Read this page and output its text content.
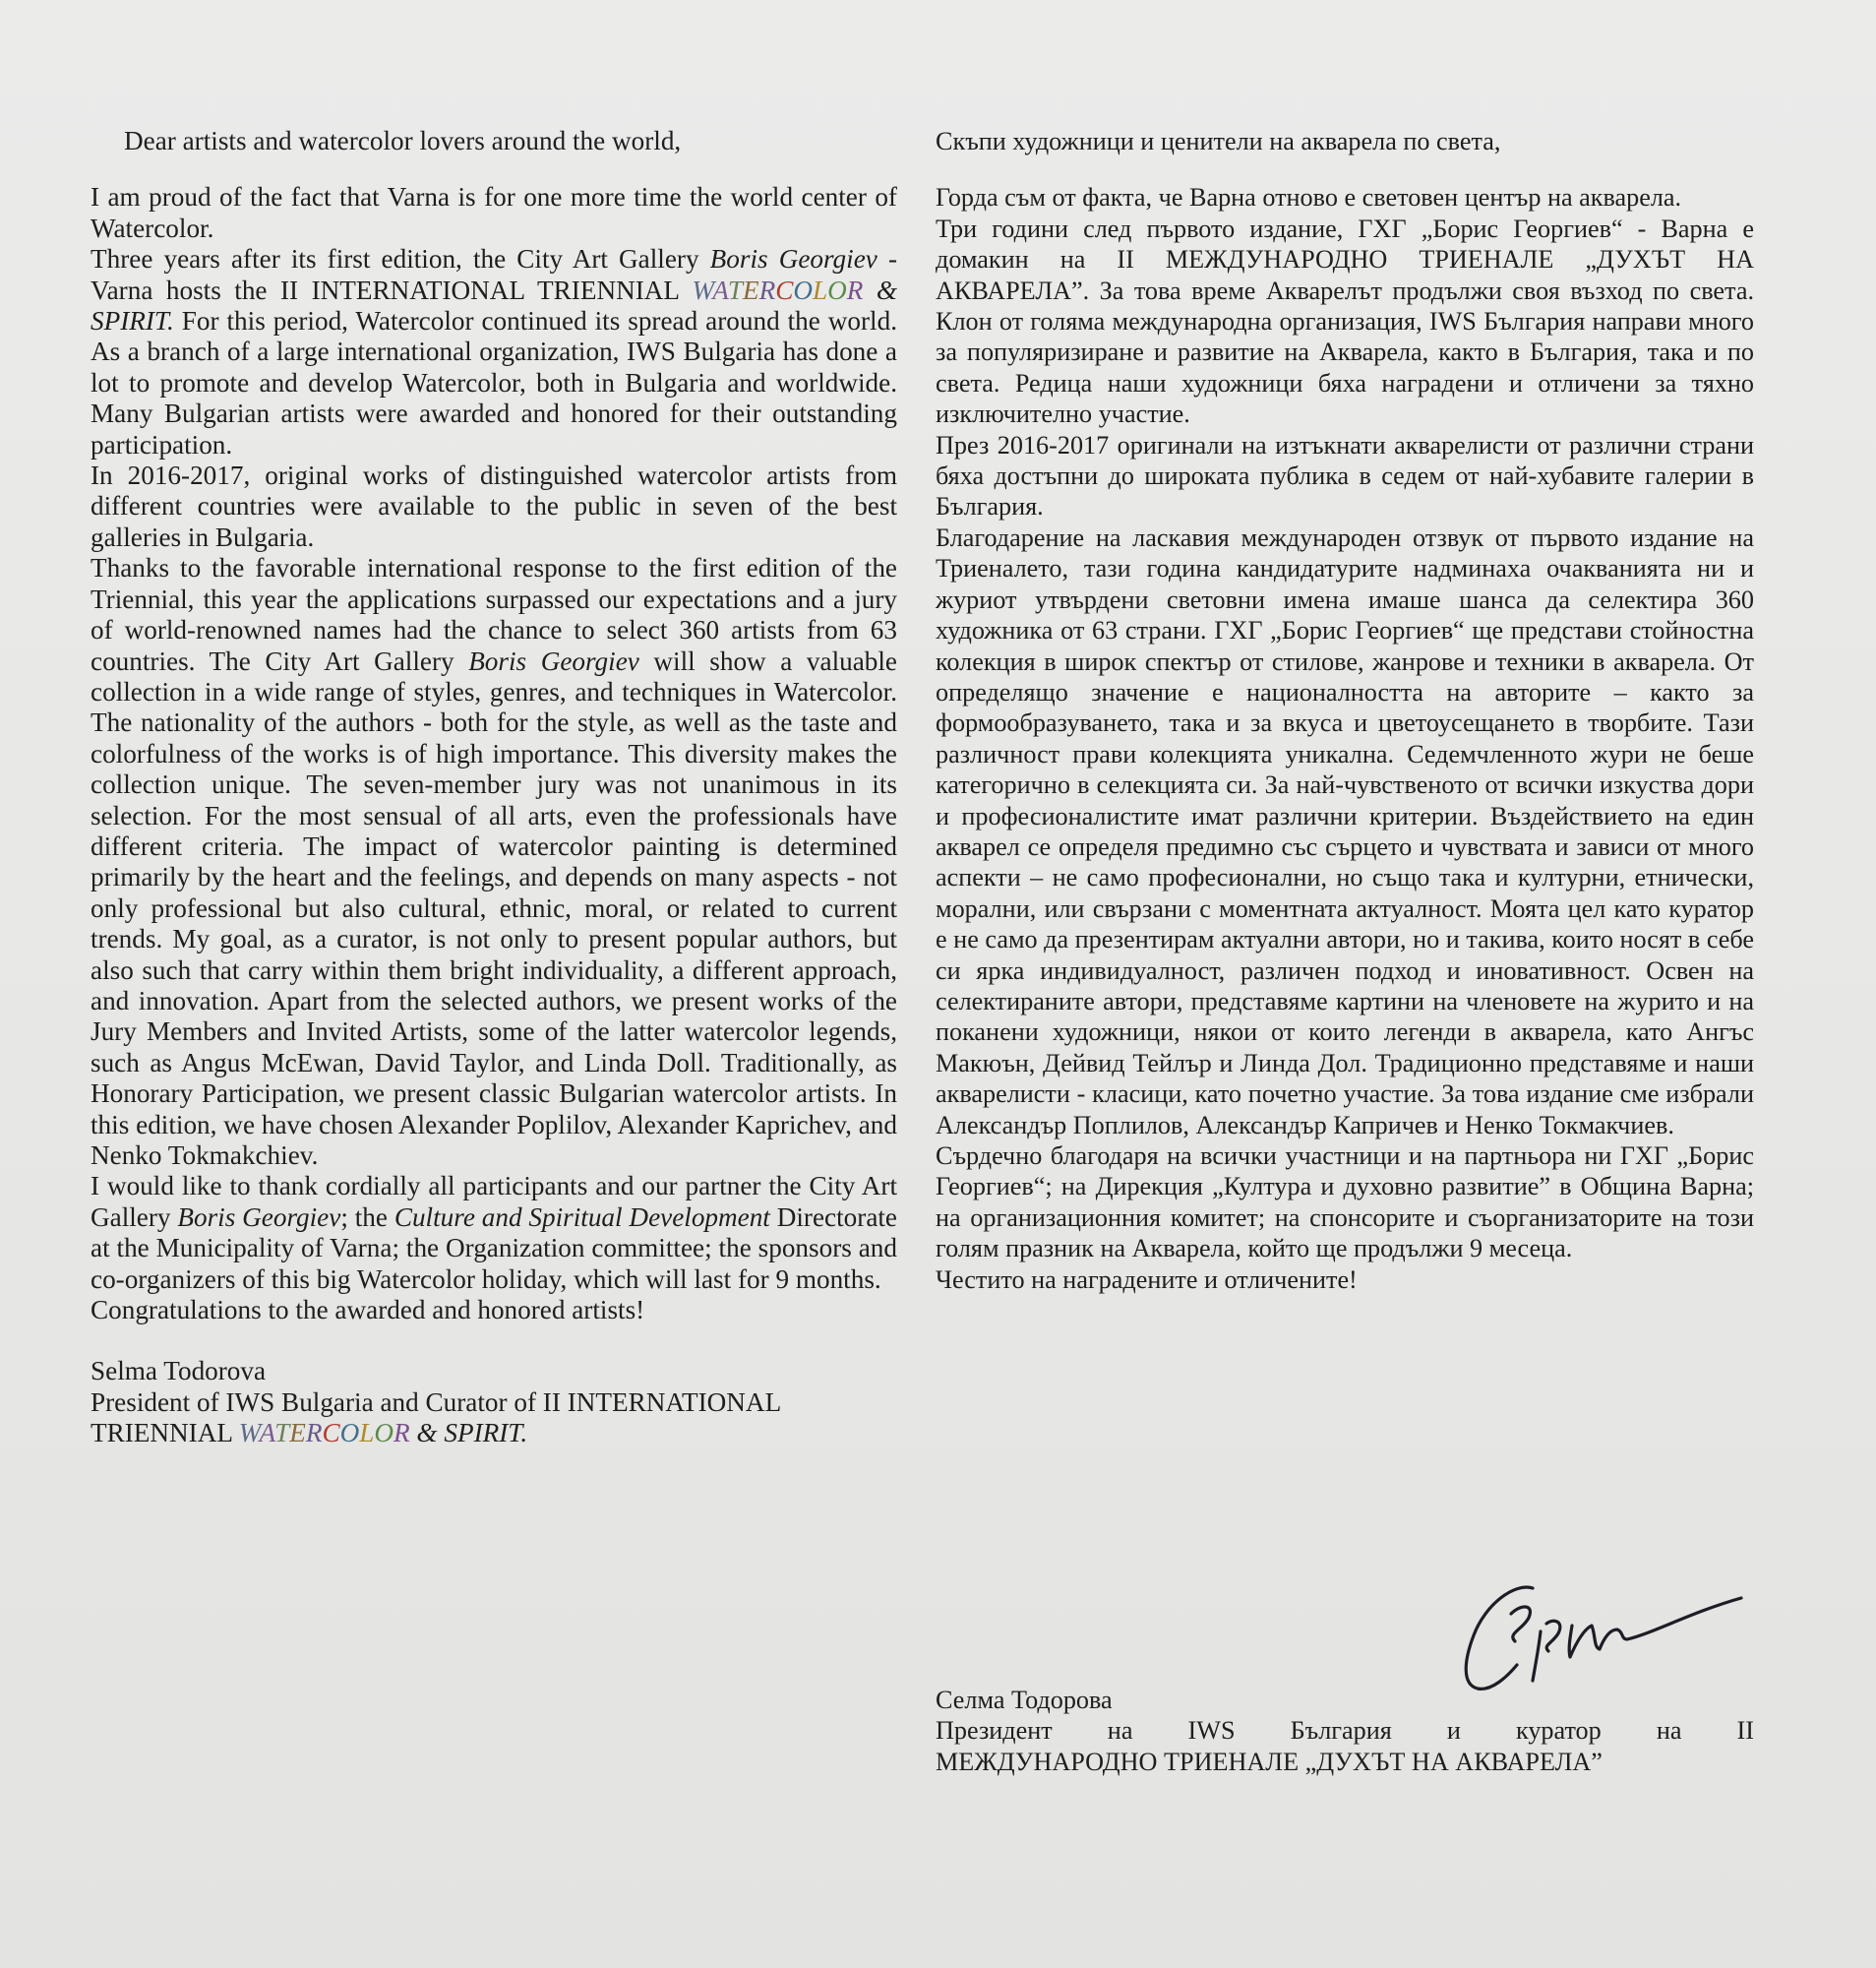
Dear artists and watercolor lovers around the world,

I am proud of the fact that Varna is for one more time the world center of Watercolor.

Three years after its first edition, the City Art Gallery Boris Georgiev - Varna hosts the II INTERNATIONAL TRIENNIAL WATERCOLOR & SPIRIT. For this period, Watercolor continued its spread around the world. As a branch of a large international organization, IWS Bulgaria has done a lot to promote and develop Watercolor, both in Bulgaria and worldwide. Many Bulgarian artists were awarded and honored for their outstanding participation.

In 2016-2017, original works of distinguished watercolor artists from different countries were available to the public in seven of the best galleries in Bulgaria.

Thanks to the favorable international response to the first edition of the Triennial, this year the applications surpassed our expectations and a jury of world-renowned names had the chance to select 360 artists from 63 countries. The City Art Gallery Boris Georgiev will show a valuable collection in a wide range of styles, genres, and techniques in Watercolor. The nationality of the authors - both for the style, as well as the taste and colorfulness of the works is of high importance. This diversity makes the collection unique. The seven-member jury was not unanimous in its selection. For the most sensual of all arts, even the professionals have different criteria. The impact of watercolor painting is determined primarily by the heart and the feelings, and depends on many aspects - not only professional but also cultural, ethnic, moral, or related to current trends. My goal, as a curator, is not only to present popular authors, but also such that carry within them bright individuality, a different approach, and innovation. Apart from the selected authors, we present works of the Jury Members and Invited Artists, some of the latter watercolor legends, such as Angus McEwan, David Taylor, and Linda Doll. Traditionally, as Honorary Participation, we present classic Bulgarian watercolor artists. In this edition, we have chosen Alexander Poplilov, Alexander Kaprichev, and Nenko Tokmakchiev.

I would like to thank cordially all participants and our partner the City Art Gallery Boris Georgiev; the Culture and Spiritual Development Directorate at the Municipality of Varna; the Organization committee; the sponsors and co-organizers of this big Watercolor holiday, which will last for 9 months.

Congratulations to the awarded and honored artists!

Selma Todorova

President of IWS Bulgaria and Curator of II INTERNATIONAL TRIENNIAL WATERCOLOR & SPIRIT.

Скъпи художници и ценители на акварела по света,

Горда съм от факта, че Варна отново е световен център на акварела.

Три години след първото издание, ГХГ „Борис Георгиев“ - Варна е домакин на II МЕЖДУНАРОДНО ТРИЕНАЛЕ „ДУХЪТ НА АКВАРЕЛА”. За това време Акварелът продължи своя възход по света. Клон от голяма международна организация, IWS България направи много за популяризиране и развитие на Акварела, както в България, така и по света. Редица наши художници бяха наградени и отличени за тяхно изключително участие.

През 2016-2017 оригинали на изтъкнати акварелисти от различни страни бяха достъпни до широката публика в седем от най-хубавите галерии в България.

Благодарение на ласкавия международен отзвук от първото издание на Триеналето, тази година кандидатурите надминаха очакванията ни и журиот утвърдени световни имена имаше шанса да селектира 360 художника от 63 страни. ГХГ „Борис Георгиев“ ще представи стойностна колекция в широк спектър от стилове, жанрове и техники в акварела. От определящо значение е националността на авторите – както за формообразуването, така и за вкуса и цветоусещането в творбите. Тази различност прави колекцията уникална. Седемчленното жури не беше категорично в селекцията си. За най-чувственото от всички изкуства дори и професионалистите имат различни критерии. Въздействието на един акварел се определя предимно със сърцето и чувствата и зависи от много аспекти – не само професионални, но също така и културни, етнически, морални, или свързани с моментната актуалност. Моята цел като куратор е не само да презентирам актуални автори, но и такива, които носят в себе си ярка индивидуалност, различен подход и иновативност. Освен на селектираните автори, представяме картини на членовете на журито и на поканени художници, някои от които легенди в акварела, като Ангъс Макюън, Дейвид Тейлър и Линда Дол. Традиционно представяме и наши акварелисти - класици, като почетно участие. За това издание сме избрали Александър Поплилов, Александър Капричев и Ненко Токмакчиев.

Сърдечно благодаря на всички участници и на партньора ни ГХГ „Борис Георгиев“; на Дирекция „Култура и духовно развитие” в Община Варна; на организационния комитет; на спонсорите и съорганизаторите на този голям празник на Акварела, който ще продължи 9 месеца.

Честито на наградените и отличените!

Селма Тодорова

Президент на IWS България и куратор на II

МЕЖДУНАРОДНО ТРИЕНАЛЕ „ДУХЪТ НА АКВАРЕЛА”
